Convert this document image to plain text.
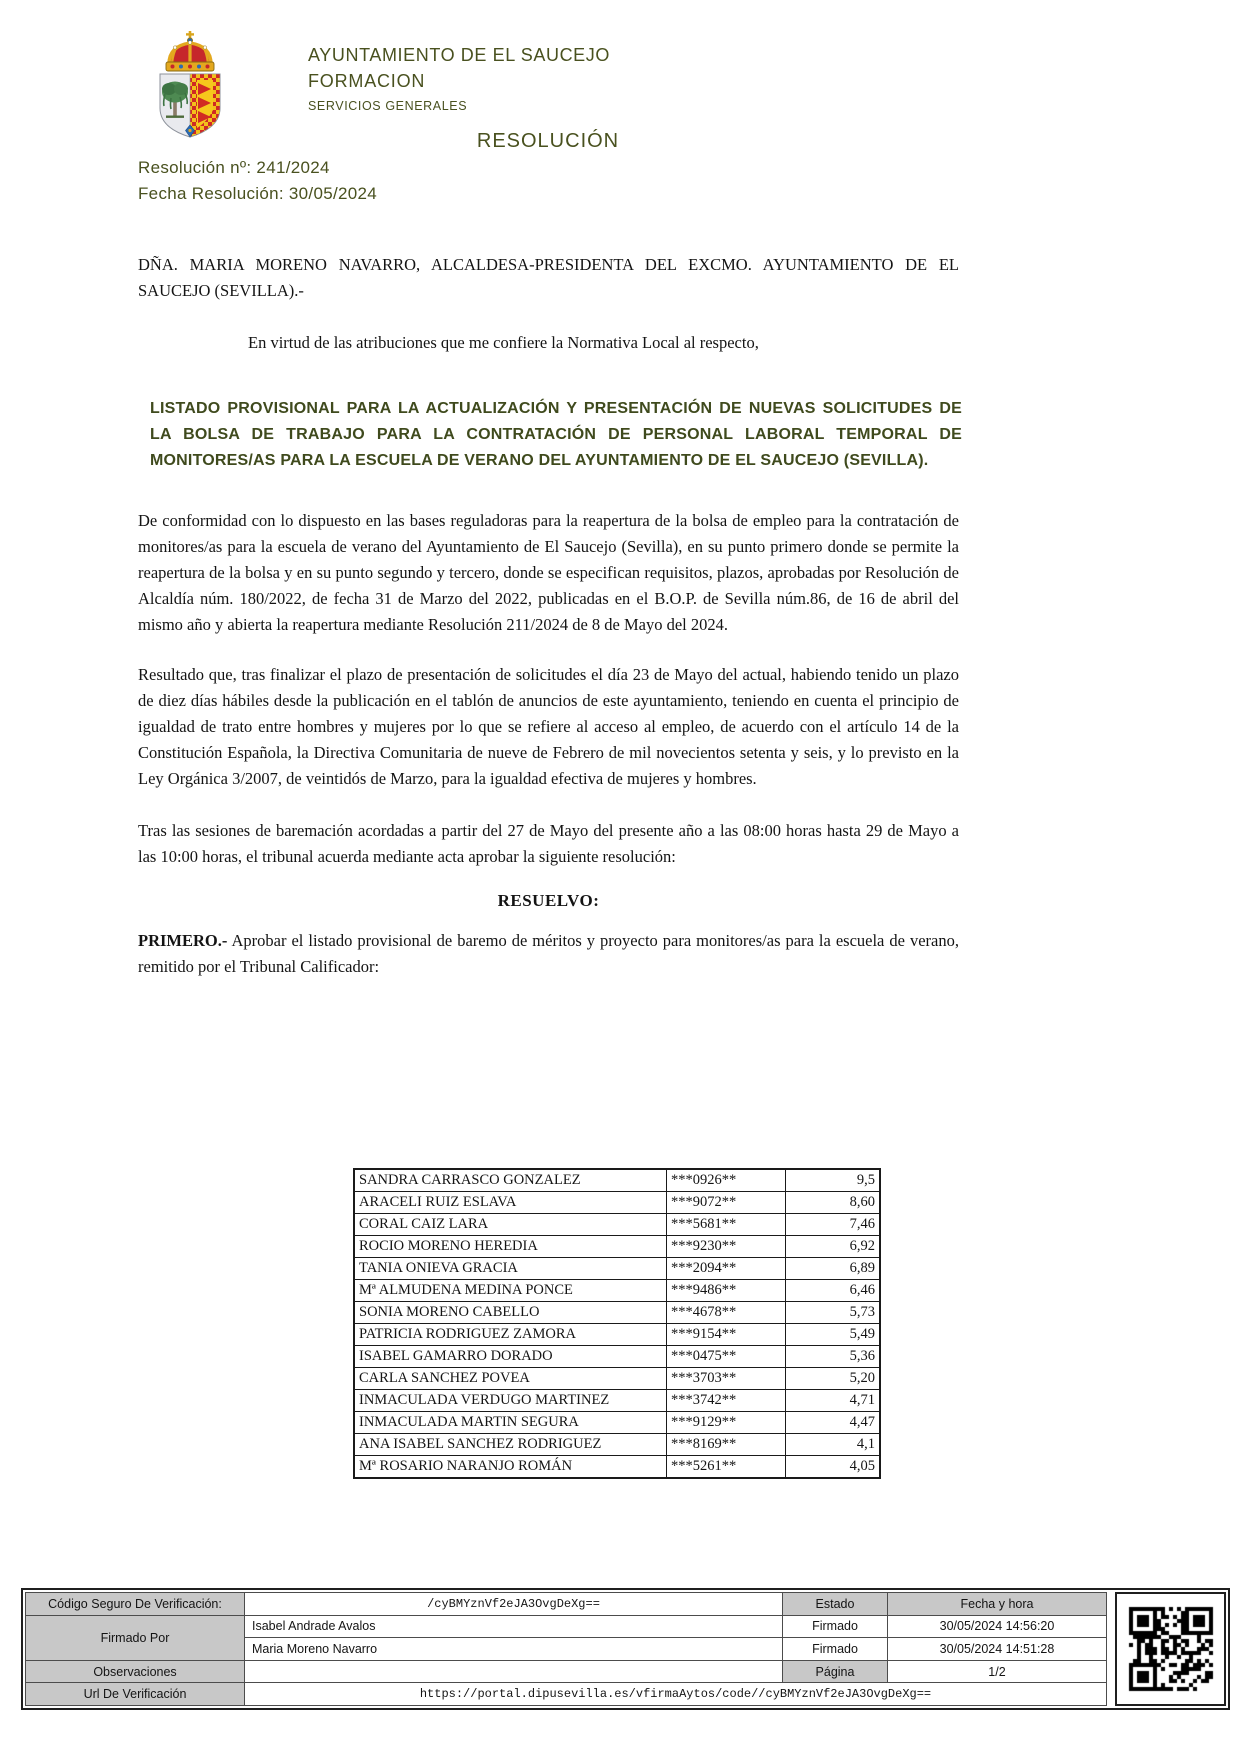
AYUNTAMIENTO DE EL SAUCEJO
FORMACION
SERVICIOS GENERALES
RESOLUCIÓN
Resolución nº: 241/2024
Fecha Resolución: 30/05/2024

DÑA. MARIA MORENO NAVARRO, ALCALDESA-PRESIDENTA DEL EXCMO. AYUNTAMIENTO DE EL SAUCEJO (SEVILLA).-

En virtud de las atribuciones que me confiere la Normativa Local al respecto,

LISTADO PROVISIONAL PARA LA ACTUALIZACIÓN Y PRESENTACIÓN DE NUEVAS SOLICITUDES DE LA BOLSA DE TRABAJO PARA LA CONTRATACIÓN DE PERSONAL LABORAL TEMPORAL DE MONITORES/AS PARA LA ESCUELA DE VERANO DEL AYUNTAMIENTO DE EL SAUCEJO (SEVILLA).

De conformidad con lo dispuesto en las bases reguladoras para la reapertura de la bolsa de empleo para la contratación de monitores/as para la escuela de verano del Ayuntamiento de El Saucejo (Sevilla), en su punto primero donde se permite la reapertura de la bolsa y en su punto segundo y tercero, donde se especifican requisitos, plazos, aprobadas por Resolución de Alcaldía núm. 180/2022, de fecha 31 de Marzo del 2022, publicadas en el B.O.P. de Sevilla núm.86, de 16 de abril del mismo año y abierta la reapertura mediante Resolución 211/2024 de 8 de Mayo del 2024.

Resultado que, tras finalizar el plazo de presentación de solicitudes el día 23 de Mayo del actual, habiendo tenido un plazo de diez días hábiles desde la publicación en el tablón de anuncios de este ayuntamiento, teniendo en cuenta el principio de igualdad de trato entre hombres y mujeres por lo que se refiere al acceso al empleo, de acuerdo con el artículo 14 de la Constitución Española, la Directiva Comunitaria de nueve de Febrero de mil novecientos setenta y seis, y lo previsto en la Ley Orgánica 3/2007, de veintidós de Marzo, para la igualdad efectiva de mujeres y hombres.

Tras las sesiones de baremación acordadas a partir del 27 de Mayo del presente año a las 08:00 horas hasta 29 de Mayo a las 10:00 horas, el tribunal acuerda mediante acta aprobar la siguiente resolución:

RESUELVO:

PRIMERO.- Aprobar el listado provisional de baremo de méritos y proyecto para monitores/as para la escuela de verano, remitido por el Tribunal Calificador:

SANDRA CARRASCO GONZALEZ	***0926**	9,5
ARACELI RUIZ ESLAVA	***9072**	8,60
CORAL CAIZ LARA	***5681**	7,46
ROCIO MORENO HEREDIA	***9230**	6,92
TANIA ONIEVA GRACIA	***2094**	6,89
Mª ALMUDENA MEDINA PONCE	***9486**	6,46
SONIA MORENO CABELLO	***4678**	5,73
PATRICIA RODRIGUEZ ZAMORA	***9154**	5,49
ISABEL GAMARRO DORADO	***0475**	5,36
CARLA SANCHEZ POVEA	***3703**	5,20
INMACULADA VERDUGO MARTINEZ	***3742**	4,71
INMACULADA MARTIN SEGURA	***9129**	4,47
ANA ISABEL SANCHEZ RODRIGUEZ	***8169**	4,1
Mª ROSARIO NARANJO ROMÁN	***5261**	4,05
Código Seguro De Verificación:	/cyBMYznVf2eJA3OvgDeXg==	Estado	Fecha y hora
Firmado Por
Isabel Andrade Avalos	Firmado	30/05/2024 14:56:20
Maria Moreno Navarro	Firmado	30/05/2024 14:51:28
Observaciones	Página	1/2
Url De Verificación	https://portal.dipusevilla.es/vfirmaAytos/code//cyBMYznVf2eJA3OvgDeXg==
